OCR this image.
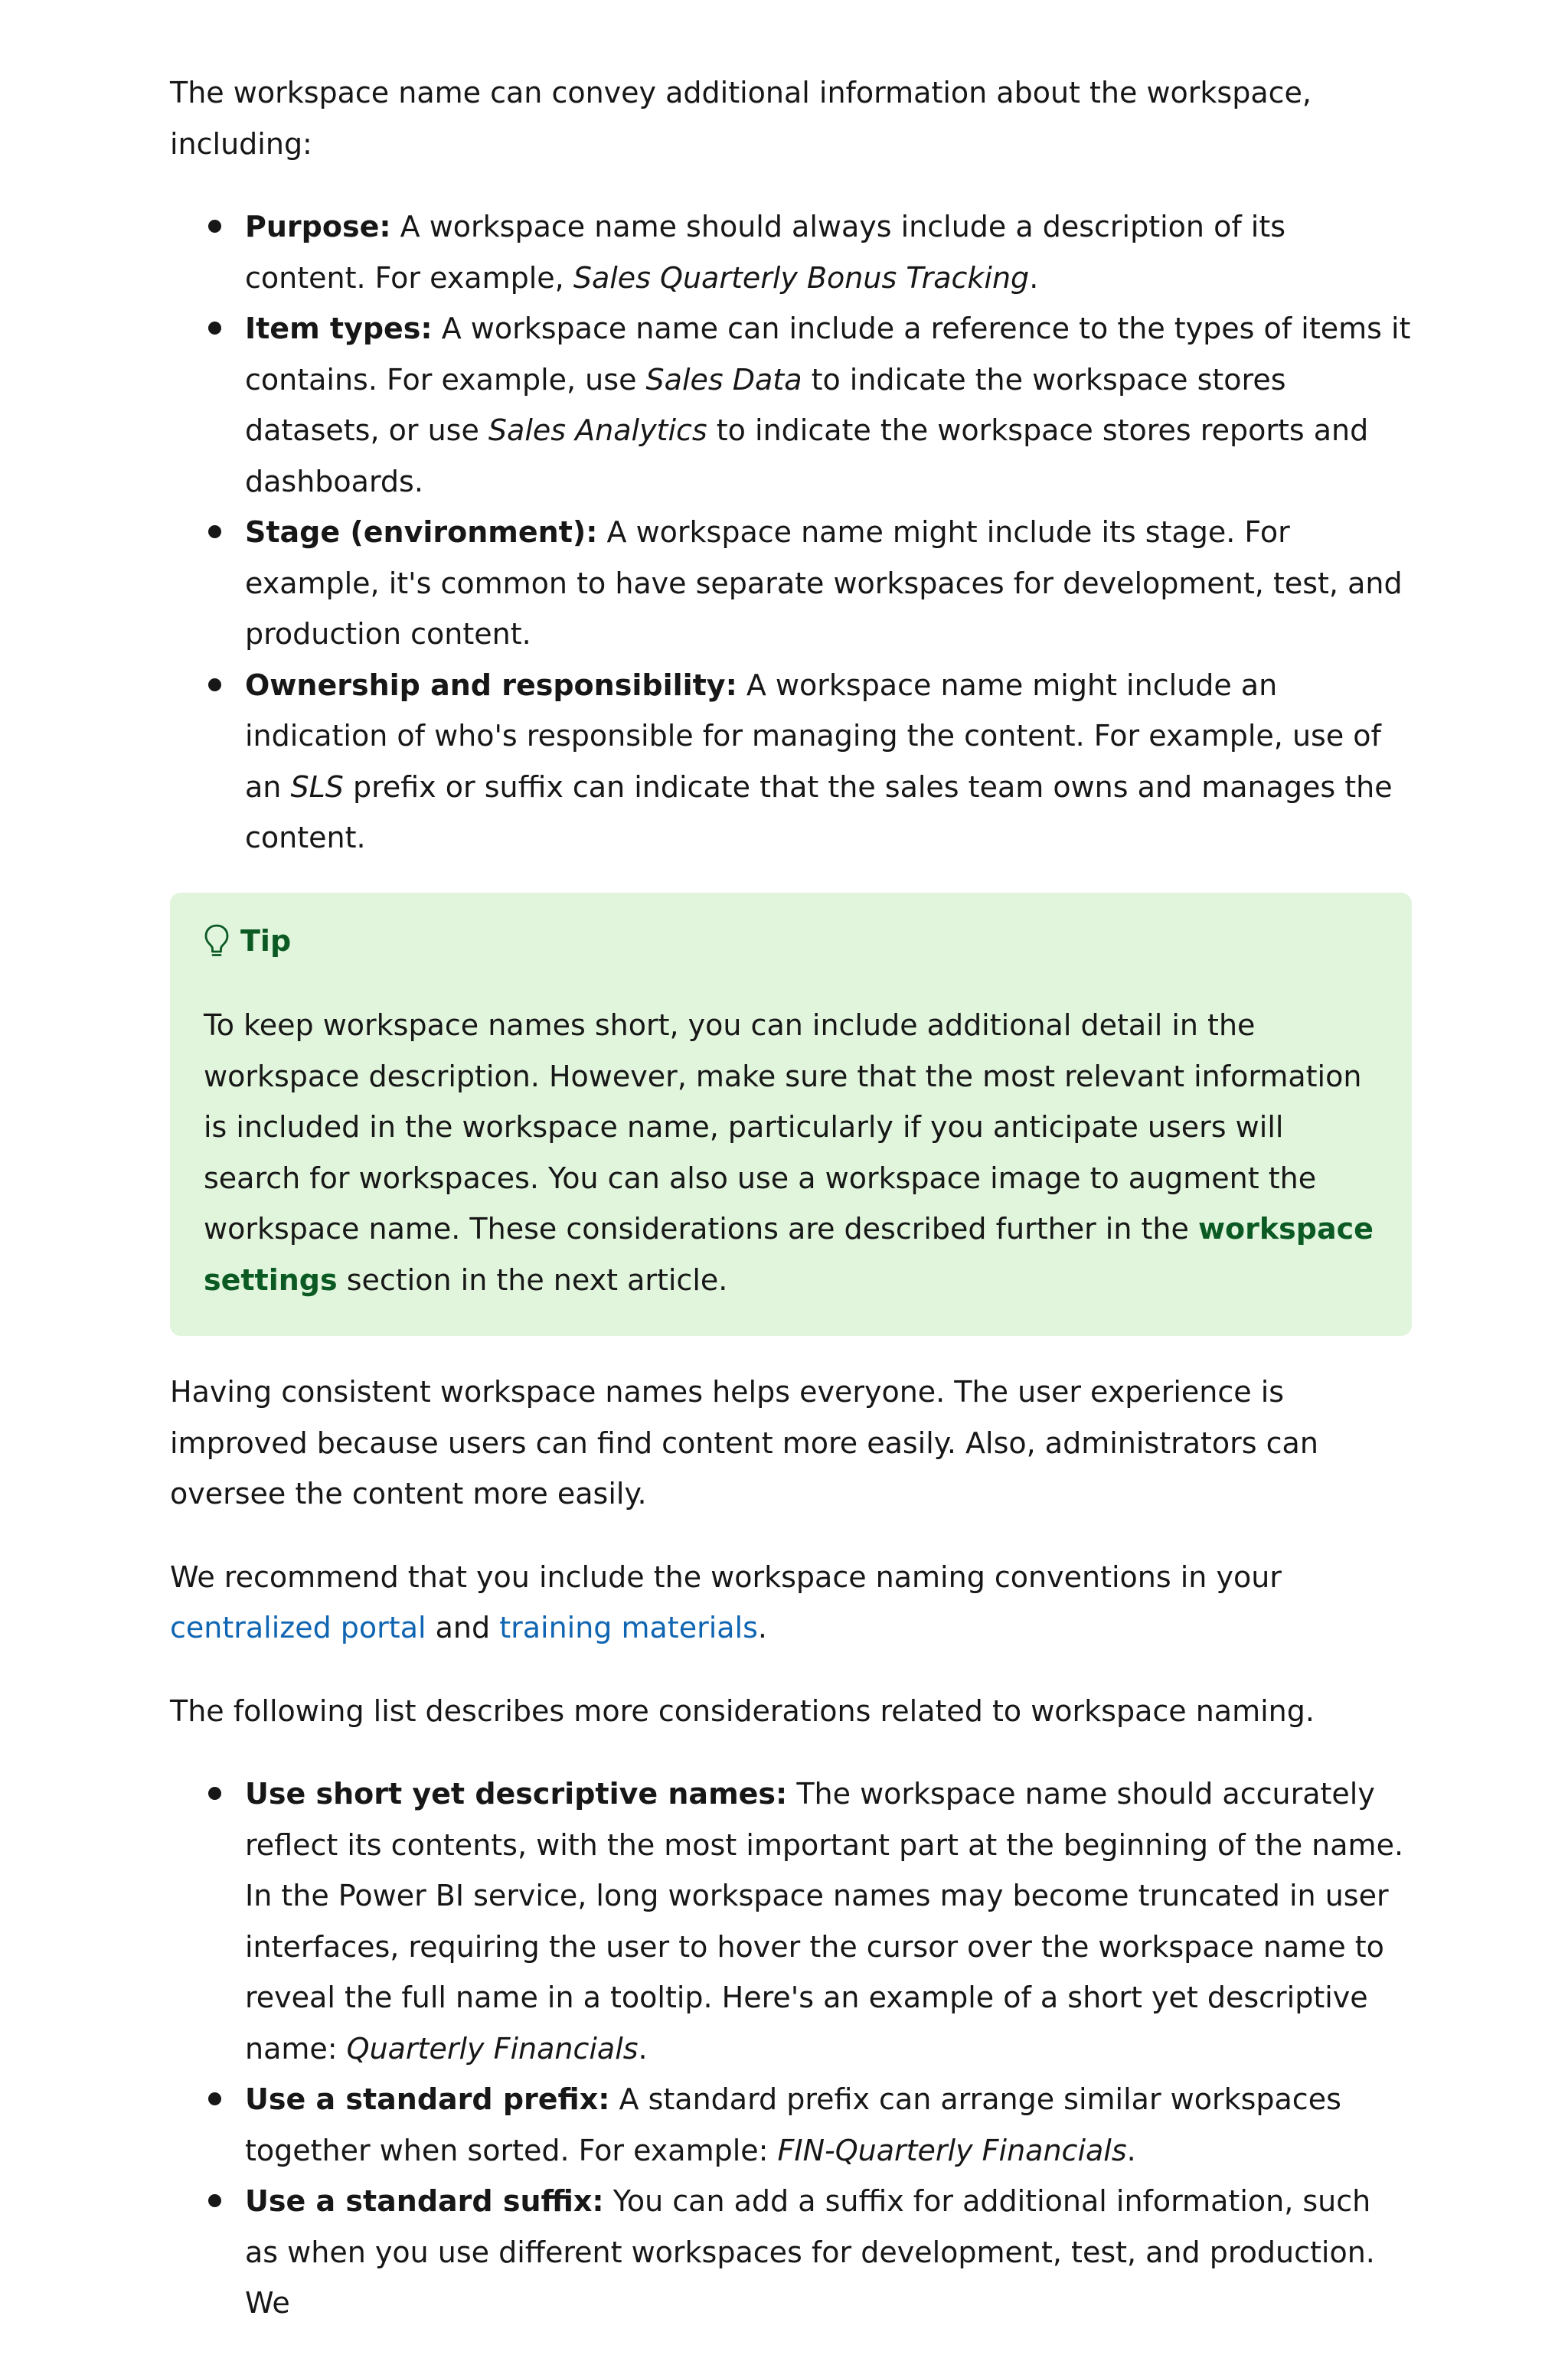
The workspace name can convey additional information about the workspace, including:

Purpose: A workspace name should always include a description of its content. For example, Sales Quarterly Bonus Tracking.
Item types: A workspace name can include a reference to the types of items it contains. For example, use Sales Data to indicate the workspace stores datasets, or use Sales Analytics to indicate the workspace stores reports and dashboards.
Stage (environment): A workspace name might include its stage. For example, it's common to have separate workspaces for development, test, and production content.
Ownership and responsibility: A workspace name might include an indication of who's responsible for managing the content. For example, use of an SLS prefix or suffix can indicate that the sales team owns and manages the content.
Tip

To keep workspace names short, you can include additional detail in the workspace description. However, make sure that the most relevant information is included in the workspace name, particularly if you anticipate users will search for workspaces. You can also use a workspace image to augment the workspace name. These considerations are described further in the workspace settings section in the next article.

Having consistent workspace names helps everyone. The user experience is improved because users can find content more easily. Also, administrators can oversee the content more easily.

We recommend that you include the workspace naming conventions in your centralized portal and training materials.

The following list describes more considerations related to workspace naming.

Use short yet descriptive names: The workspace name should accurately reflect its contents, with the most important part at the beginning of the name. In the Power BI service, long workspace names may become truncated in user interfaces, requiring the user to hover the cursor over the workspace name to reveal the full name in a tooltip. Here's an example of a short yet descriptive name: Quarterly Financials.
Use a standard prefix: A standard prefix can arrange similar workspaces together when sorted. For example: FIN-Quarterly Financials.
Use a standard suffix: You can add a suffix for additional information, such as when you use different workspaces for development, test, and production. We
